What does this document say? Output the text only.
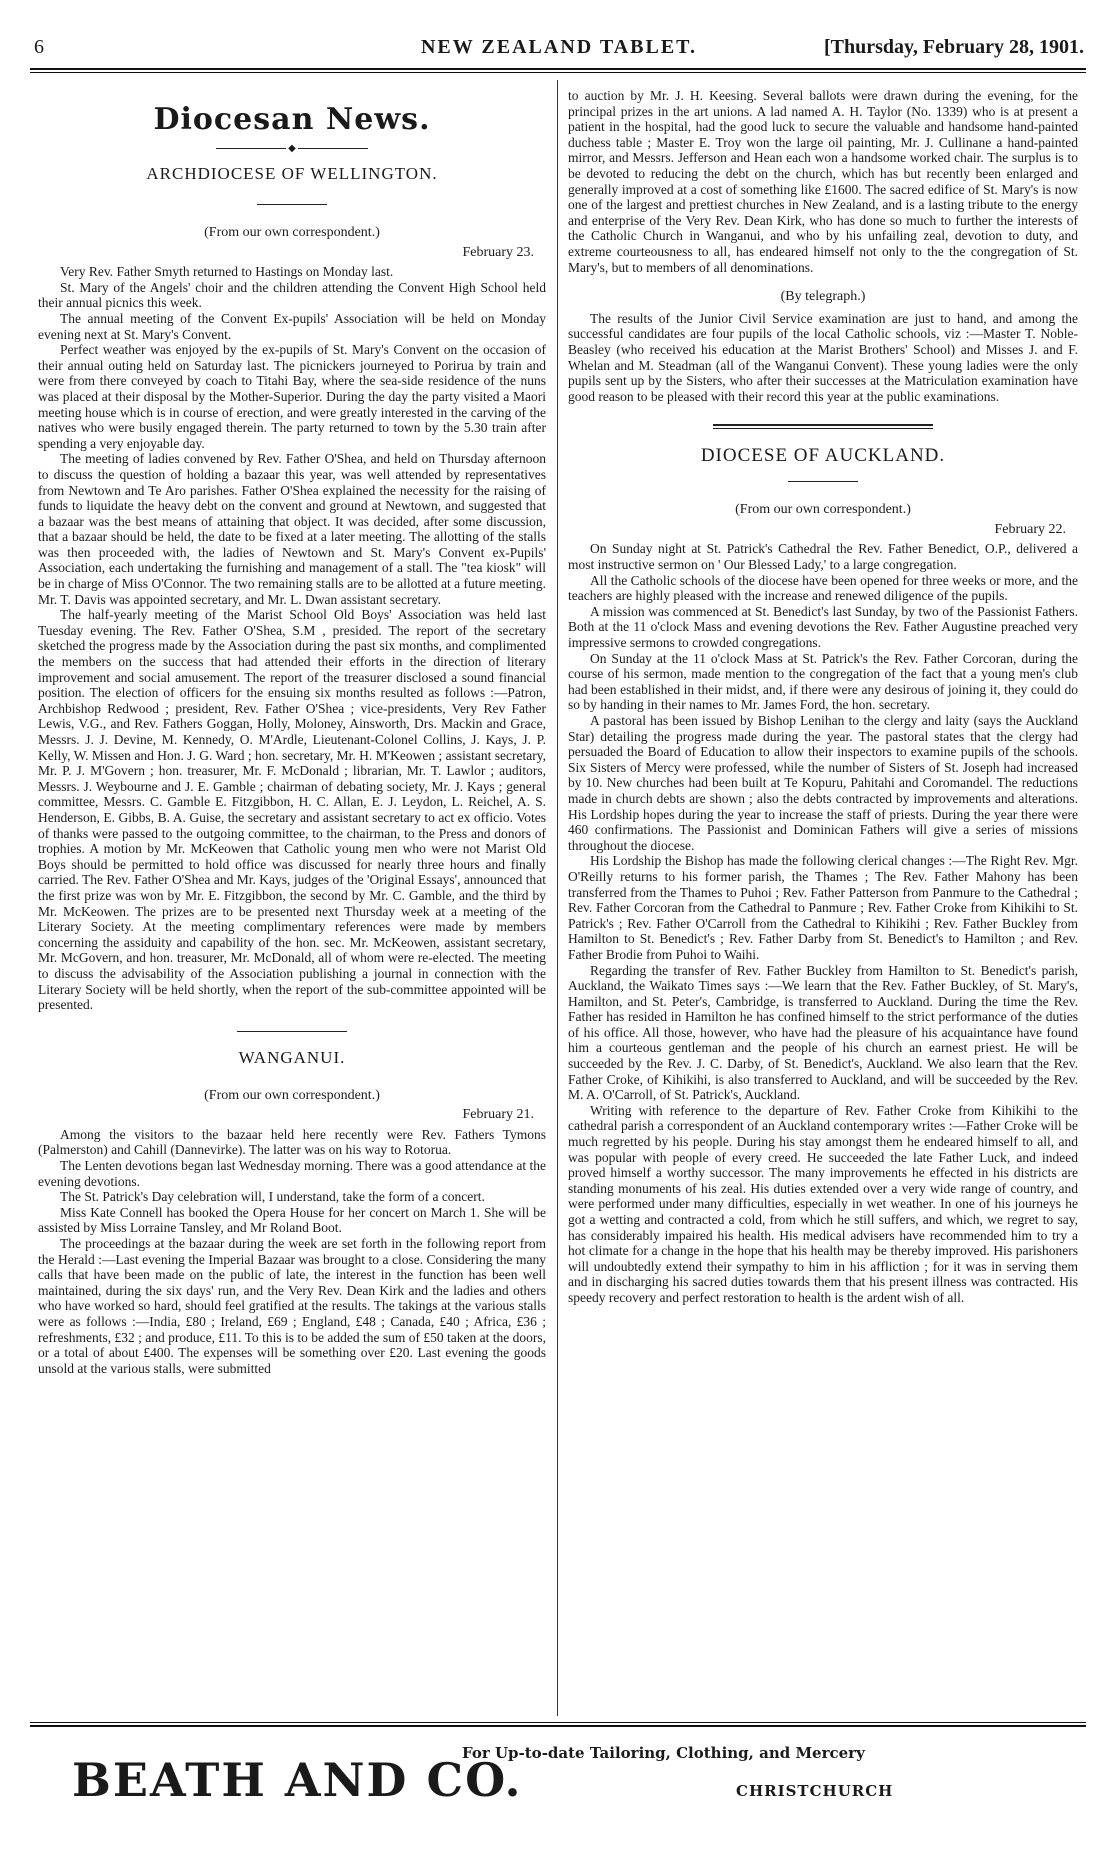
6	NEW ZEALAND TABLET.	[Thursday, February 28, 1901.
Diocesan News.
◆
ARCHDIOCESE OF WELLINGTON.
(From our own correspondent.)
February 23.

Very Rev. Father Smyth returned to Hastings on Monday last.

St. Mary of the Angels' choir and the children attending the Convent High School held their annual picnics this week.

The annual meeting of the Convent Ex-pupils' Association will be held on Monday evening next at St. Mary's Convent.

Perfect weather was enjoyed by the ex-pupils of St. Mary's Convent on the occasion of their annual outing held on Saturday last. The picnickers journeyed to Porirua by train and were from there conveyed by coach to Titahi Bay, where the sea-side residence of the nuns was placed at their disposal by the Mother-Superior. During the day the party visited a Maori meeting house which is in course of erection, and were greatly interested in the carving of the natives who were busily engaged therein. The party returned to town by the 5.30 train after spending a very enjoyable day.

The meeting of ladies convened by Rev. Father O'Shea, and held on Thursday afternoon to discuss the question of holding a bazaar this year, was well attended by representatives from Newtown and Te Aro parishes. Father O'Shea explained the necessity for the raising of funds to liquidate the heavy debt on the convent and ground at Newtown, and suggested that a bazaar was the best means of attaining that object. It was decided, after some discussion, that a bazaar should be held, the date to be fixed at a later meeting. The allotting of the stalls was then proceeded with, the ladies of Newtown and St. Mary's Convent ex-Pupils' Association, each undertaking the furnishing and management of a stall. The "tea kiosk" will be in charge of Miss O'Connor. The two remaining stalls are to be allotted at a future meeting. Mr. T. Davis was appointed secretary, and Mr. L. Dwan assistant secretary.

The half-yearly meeting of the Marist School Old Boys' Association was held last Tuesday evening. The Rev. Father O'Shea, S.M , presided. The report of the secretary sketched the progress made by the Association during the past six months, and complimented the members on the success that had attended their efforts in the direction of literary improvement and social amusement. The report of the treasurer disclosed a sound financial position. The election of officers for the ensuing six months resulted as follows :—Patron, Archbishop Redwood ; president, Rev. Father O'Shea ; vice-presidents, Very Rev Father Lewis, V.G., and Rev. Fathers Goggan, Holly, Moloney, Ainsworth, Drs. Mackin and Grace, Messrs. J. J. Devine, M. Kennedy, O. M'Ardle, Lieutenant-Colonel Collins, J. Kays, J. P. Kelly, W. Missen and Hon. J. G. Ward ; hon. secretary, Mr. H. M'Keowen ; assistant secretary, Mr. P. J. M'Govern ; hon. treasurer, Mr. F. McDonald ; librarian, Mr. T. Lawlor ; auditors, Messrs. J. Weybourne and J. E. Gamble ; chairman of debating society, Mr. J. Kays ; general committee, Messrs. C. Gamble E. Fitzgibbon, H. C. Allan, E. J. Leydon, L. Reichel, A. S. Henderson, E. Gibbs, B. A. Guise, the secretary and assistant secretary to act ex officio. Votes of thanks were passed to the outgoing committee, to the chairman, to the Press and donors of trophies. A motion by Mr. McKeowen that Catholic young men who were not Marist Old Boys should be permitted to hold office was discussed for nearly three hours and finally carried. The Rev. Father O'Shea and Mr. Kays, judges of the 'Original Essays', announced that the first prize was won by Mr. E. Fitzgibbon, the second by Mr. C. Gamble, and the third by Mr. McKeowen. The prizes are to be presented next Thursday week at a meeting of the Literary Society. At the meeting complimentary references were made by members concerning the assiduity and capability of the hon. sec. Mr. McKeowen, assistant secretary, Mr. McGovern, and hon. treasurer, Mr. McDonald, all of whom were re-elected. The meeting to discuss the advisability of the Association publishing a journal in connection with the Literary Society will be held shortly, when the report of the sub-committee appointed will be presented.

WANGANUI.
(From our own correspondent.)
February 21.

Among the visitors to the bazaar held here recently were Rev. Fathers Tymons (Palmerston) and Cahill (Dannevirke). The latter was on his way to Rotorua.

The Lenten devotions began last Wednesday morning. There was a good attendance at the evening devotions.

The St. Patrick's Day celebration will, I understand, take the form of a concert.

Miss Kate Connell has booked the Opera House for her concert on March 1. She will be assisted by Miss Lorraine Tansley, and Mr Roland Boot.

The proceedings at the bazaar during the week are set forth in the following report from the Herald :—Last evening the Imperial Bazaar was brought to a close. Considering the many calls that have been made on the public of late, the interest in the function has been well maintained, during the six days' run, and the Very Rev. Dean Kirk and the ladies and others who have worked so hard, should feel gratified at the results. The takings at the various stalls were as follows :—India, £80 ; Ireland, £69 ; England, £48 ; Canada, £40 ; Africa, £36 ; refreshments, £32 ; and produce, £11. To this is to be added the sum of £50 taken at the doors, or a total of about £400. The expenses will be something over £20. Last evening the goods unsold at the various stalls, were submitted

to auction by Mr. J. H. Keesing. Several ballots were drawn during the evening, for the principal prizes in the art unions. A lad named A. H. Taylor (No. 1339) who is at present a patient in the hospital, had the good luck to secure the valuable and handsome hand-painted duchess table ; Master E. Troy won the large oil painting, Mr. J. Cullinane a hand-painted mirror, and Messrs. Jefferson and Hean each won a handsome worked chair. The surplus is to be devoted to reducing the debt on the church, which has but recently been enlarged and generally improved at a cost of something like £1600. The sacred edifice of St. Mary's is now one of the largest and prettiest churches in New Zealand, and is a lasting tribute to the energy and enterprise of the Very Rev. Dean Kirk, who has done so much to further the interests of the Catholic Church in Wanganui, and who by his unfailing zeal, devotion to duty, and extreme courteousness to all, has endeared himself not only to the the congregation of St. Mary's, but to members of all denominations.

(By telegraph.)

The results of the Junior Civil Service examination are just to hand, and among the successful candidates are four pupils of the local Catholic schools, viz :—Master T. Noble-Beasley (who received his education at the Marist Brothers' School) and Misses J. and F. Whelan and M. Steadman (all of the Wanganui Convent). These young ladies were the only pupils sent up by the Sisters, who after their successes at the Matriculation examination have good reason to be pleased with their record this year at the public examinations.

DIOCESE OF AUCKLAND.
(From our own correspondent.)
February 22.

On Sunday night at St. Patrick's Cathedral the Rev. Father Benedict, O.P., delivered a most instructive sermon on ' Our Blessed Lady,' to a large congregation.

All the Catholic schools of the diocese have been opened for three weeks or more, and the teachers are highly pleased with the increase and renewed diligence of the pupils.

A mission was commenced at St. Benedict's last Sunday, by two of the Passionist Fathers. Both at the 11 o'clock Mass and evening devotions the Rev. Father Augustine preached very impressive sermons to crowded congregations.

On Sunday at the 11 o'clock Mass at St. Patrick's the Rev. Father Corcoran, during the course of his sermon, made mention to the congregation of the fact that a young men's club had been established in their midst, and, if there were any desirous of joining it, they could do so by handing in their names to Mr. James Ford, the hon. secretary.

A pastoral has been issued by Bishop Lenihan to the clergy and laity (says the Auckland Star) detailing the progress made during the year. The pastoral states that the clergy had persuaded the Board of Education to allow their inspectors to examine pupils of the schools. Six Sisters of Mercy were professed, while the number of Sisters of St. Joseph had increased by 10. New churches had been built at Te Kopuru, Pahitahi and Coromandel. The reductions made in church debts are shown ; also the debts contracted by improvements and alterations. His Lordship hopes during the year to increase the staff of priests. During the year there were 460 confirmations. The Passionist and Dominican Fathers will give a series of missions throughout the diocese.

His Lordship the Bishop has made the following clerical changes :—The Right Rev. Mgr. O'Reilly returns to his former parish, the Thames ; The Rev. Father Mahony has been transferred from the Thames to Puhoi ; Rev. Father Patterson from Panmure to the Cathedral ; Rev. Father Corcoran from the Cathedral to Panmure ; Rev. Father Croke from Kihikihi to St. Patrick's ; Rev. Father O'Carroll from the Cathedral to Kihikihi ; Rev. Father Buckley from Hamilton to St. Benedict's ; Rev. Father Darby from St. Benedict's to Hamilton ; and Rev. Father Brodie from Puhoi to Waihi.

Regarding the transfer of Rev. Father Buckley from Hamilton to St. Benedict's parish, Auckland, the Waikato Times says :—We learn that the Rev. Father Buckley, of St. Mary's, Hamilton, and St. Peter's, Cambridge, is transferred to Auckland. During the time the Rev. Father has resided in Hamilton he has confined himself to the strict performance of the duties of his office. All those, however, who have had the pleasure of his acquaintance have found him a courteous gentleman and the people of his church an earnest priest. He will be succeeded by the Rev. J. C. Darby, of St. Benedict's, Auckland. We also learn that the Rev. Father Croke, of Kihikihi, is also transferred to Auckland, and will be succeeded by the Rev. M. A. O'Carroll, of St. Patrick's, Auckland.

Writing with reference to the departure of Rev. Father Croke from Kihikihi to the cathedral parish a correspondent of an Auckland contemporary writes :—Father Croke will be much regretted by his people. During his stay amongst them he endeared himself to all, and was popular with people of every creed. He succeeded the late Father Luck, and indeed proved himself a worthy successor. The many improvements he effected in his districts are standing monuments of his zeal. His duties extended over a very wide range of country, and were performed under many difficulties, especially in wet weather. In one of his journeys he got a wetting and contracted a cold, from which he still suffers, and which, we regret to say, has considerably impaired his health. His medical advisers have recommended him to try a hot climate for a change in the hope that his health may be thereby improved. His parishoners will undoubtedly extend their sympathy to him in his affliction ; for it was in serving them and in discharging his sacred duties towards them that his present illness was contracted. His speedy recovery and perfect restoration to health is the ardent wish of all.

BEATH AND CO.
For Up-to-date Tailoring, Clothing, and Mercery
CHRISTCHURCH
